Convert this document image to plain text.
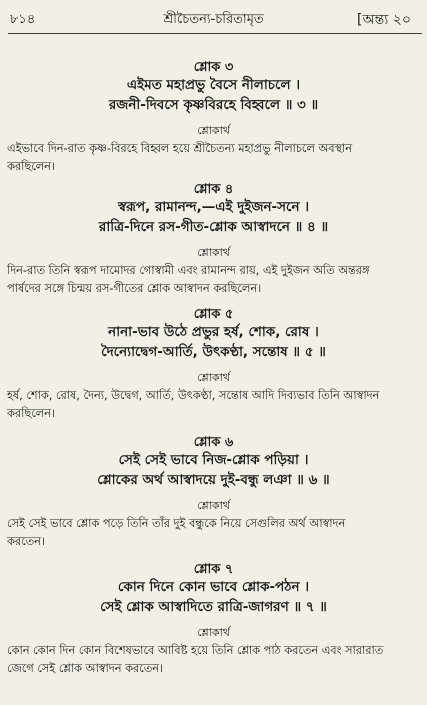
৮১৪	শ্রীচৈতন্য-চরিতামৃত	[অন্ত্য ২০
শ্লোক ৩
এইমত মহাপ্রভু বৈসে নীলাচলে ।
রজনী-দিবসে কৃষ্ণবিরহে বিহ্বলে ॥ ৩ ॥
শ্লোকার্থ
এইভাবে দিন-রাত কৃষ্ণ-বিরহে বিহ্বল হয়ে শ্রীচৈতন্য মহাপ্রভু নীলাচলে অবস্থান
করছিলেন।
শ্লোক ৪
স্বরূপ, রামানন্দ,—এই দুইজন-সনে ।
রাত্রি-দিনে রস-গীত-শ্লোক আস্বাদনে ॥ ৪ ॥
শ্লোকার্থ
দিন-রাত তিনি স্বরূপ দামোদর গোস্বামী এবং রামানন্দ রায়, এই দুইজন অতি অন্তরঙ্গ
পার্ষদের সঙ্গে চিন্ময় রস-গীতের শ্লোক আস্বাদন করছিলেন।
শ্লোক ৫
নানা-ভাব উঠে প্রভুর হর্ষ, শোক, রোষ ।
দৈন্যোদ্বেগ-আর্তি, উৎকণ্ঠা, সন্তোষ ॥ ৫ ॥
শ্লোকার্থ
হর্ষ, শোক, রোষ, দৈন্য, উদ্বেগ, আর্তি, উৎকণ্ঠা, সন্তোষ আদি দিব্যভাব তিনি আস্বাদন
করছিলেন।
শ্লোক ৬
সেই সেই ভাবে নিজ-শ্লোক পড়িয়া ।
শ্লোকের অর্থ আস্বাদয়ে দুই-বন্ধু লঞা ॥ ৬ ॥
শ্লোকার্থ
সেই সেই ভাবে শ্লোক পড়ে তিনি তাঁর দুই বন্ধুকে নিয়ে সেগুলির অর্থ আস্বাদন
করতেন।
শ্লোক ৭
কোন দিনে কোন ভাবে শ্লোক-পঠন ।
সেই শ্লোক আস্বাদিতে রাত্রি-জাগরণ ॥ ৭ ॥
শ্লোকার্থ
কোন কোন দিন কোন বিশেষভাবে আবিষ্ট হয়ে তিনি শ্লোক পাঠ করতেন এবং সারারাত
জেগে সেই শ্লোক আস্বাদন করতেন।
